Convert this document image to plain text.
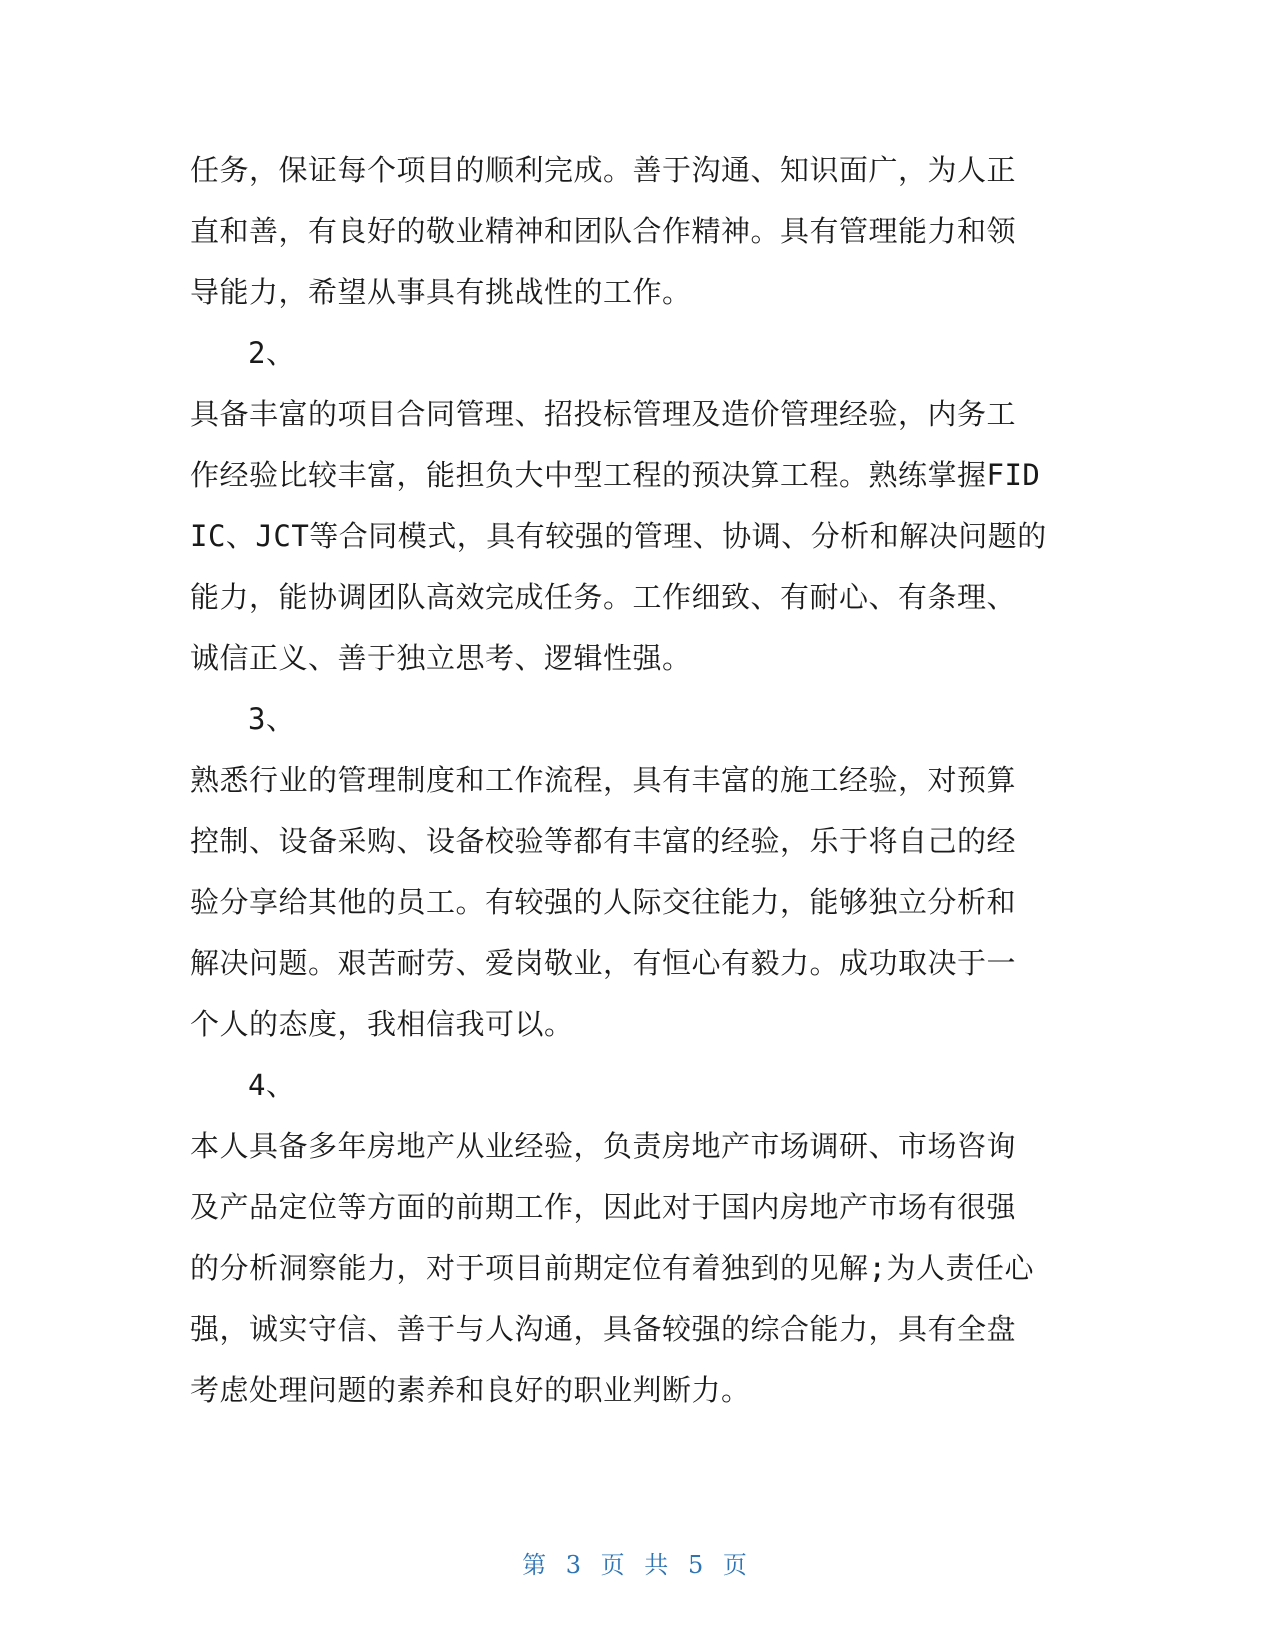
任务，保证每个项目的顺利完成。善于沟通、知识面广，为人正
直和善，有良好的敬业精神和团队合作精神。具有管理能力和领
导能力，希望从事具有挑战性的工作。
2、
具备丰富的项目合同管理、招投标管理及造价管理经验，内务工
作经验比较丰富，能担负大中型工程的预决算工程。熟练掌握FID
IC、JCT等合同模式，具有较强的管理、协调、分析和解决问题的
能力，能协调团队高效完成任务。工作细致、有耐心、有条理、
诚信正义、善于独立思考、逻辑性强。
3、
熟悉行业的管理制度和工作流程，具有丰富的施工经验，对预算
控制、设备采购、设备校验等都有丰富的经验，乐于将自己的经
验分享给其他的员工。有较强的人际交往能力，能够独立分析和
解决问题。艰苦耐劳、爱岗敬业，有恒心有毅力。成功取决于一
个人的态度，我相信我可以。
4、
本人具备多年房地产从业经验，负责房地产市场调研、市场咨询
及产品定位等方面的前期工作，因此对于国内房地产市场有很强
的分析洞察能力，对于项目前期定位有着独到的见解;为人责任心
强，诚实守信、善于与人沟通，具备较强的综合能力，具有全盘
考虑处理问题的素养和良好的职业判断力。
第 3 页 共 5 页
